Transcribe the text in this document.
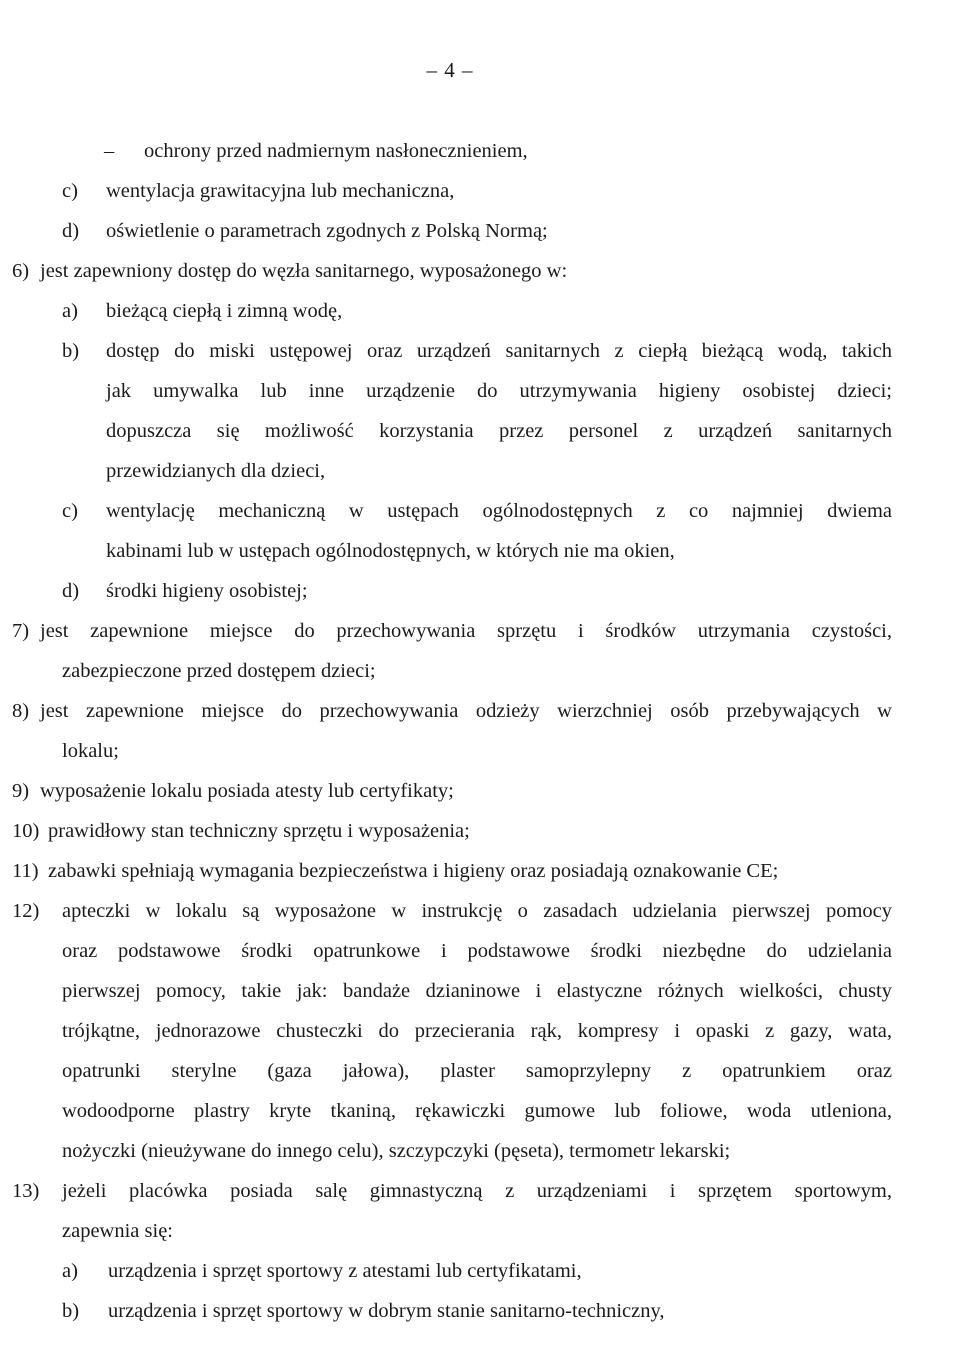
– 4 –
– ochrony przed nadmiernym nasłonecznieniem,
c) wentylacja grawitacyjna lub mechaniczna,
d) oświetlenie o parametrach zgodnych z Polską Normą;
6) jest zapewniony dostęp do węzła sanitarnego, wyposażonego w:
a) bieżącą ciepłą i zimną wodę,
b) dostęp do miski ustępowej oraz urządzeń sanitarnych z ciepłą bieżącą wodą, takich
jak umywalka lub inne urządzenie do utrzymywania higieny osobistej dzieci;
dopuszcza się możliwość korzystania przez personel z urządzeń sanitarnych
przewidzianych dla dzieci,
c) wentylację mechaniczną w ustępach ogólnodostępnych z co najmniej dwiema
kabinami lub w ustępach ogólnodostępnych, w których nie ma okien,
d) środki higieny osobistej;
7) jest zapewnione miejsce do przechowywania sprzętu i środków utrzymania czystości,
zabezpieczone przed dostępem dzieci;
8) jest zapewnione miejsce do przechowywania odzieży wierzchniej osób przebywających w
lokalu;
9) wyposażenie lokalu posiada atesty lub certyfikaty;
10) prawidłowy stan techniczny sprzętu i wyposażenia;
11) zabawki spełniają wymagania bezpieczeństwa i higieny oraz posiadają oznakowanie CE;
12) apteczki w lokalu są wyposażone w instrukcję o zasadach udzielania pierwszej pomocy
oraz podstawowe środki opatrunkowe i podstawowe środki niezbędne do udzielania
pierwszej pomocy, takie jak: bandaże dzianinowe i elastyczne różnych wielkości, chusty
trójkątne, jednorazowe chusteczki do przecierania rąk, kompresy i opaski z gazy, wata,
opatrunki sterylne (gaza jałowa), plaster samoprzylepny z opatrunkiem oraz
wodoodporne plastry kryte tkaniną, rękawiczki gumowe lub foliowe, woda utleniona,
nożyczki (nieużywane do innego celu), szczypczyki (pęseta), termometr lekarski;
13) jeżeli placówka posiada salę gimnastyczną z urządzeniami i sprzętem sportowym,
zapewnia się:
a) urządzenia i sprzęt sportowy z atestami lub certyfikatami,
b) urządzenia i sprzęt sportowy w dobrym stanie sanitarno-techniczny,
